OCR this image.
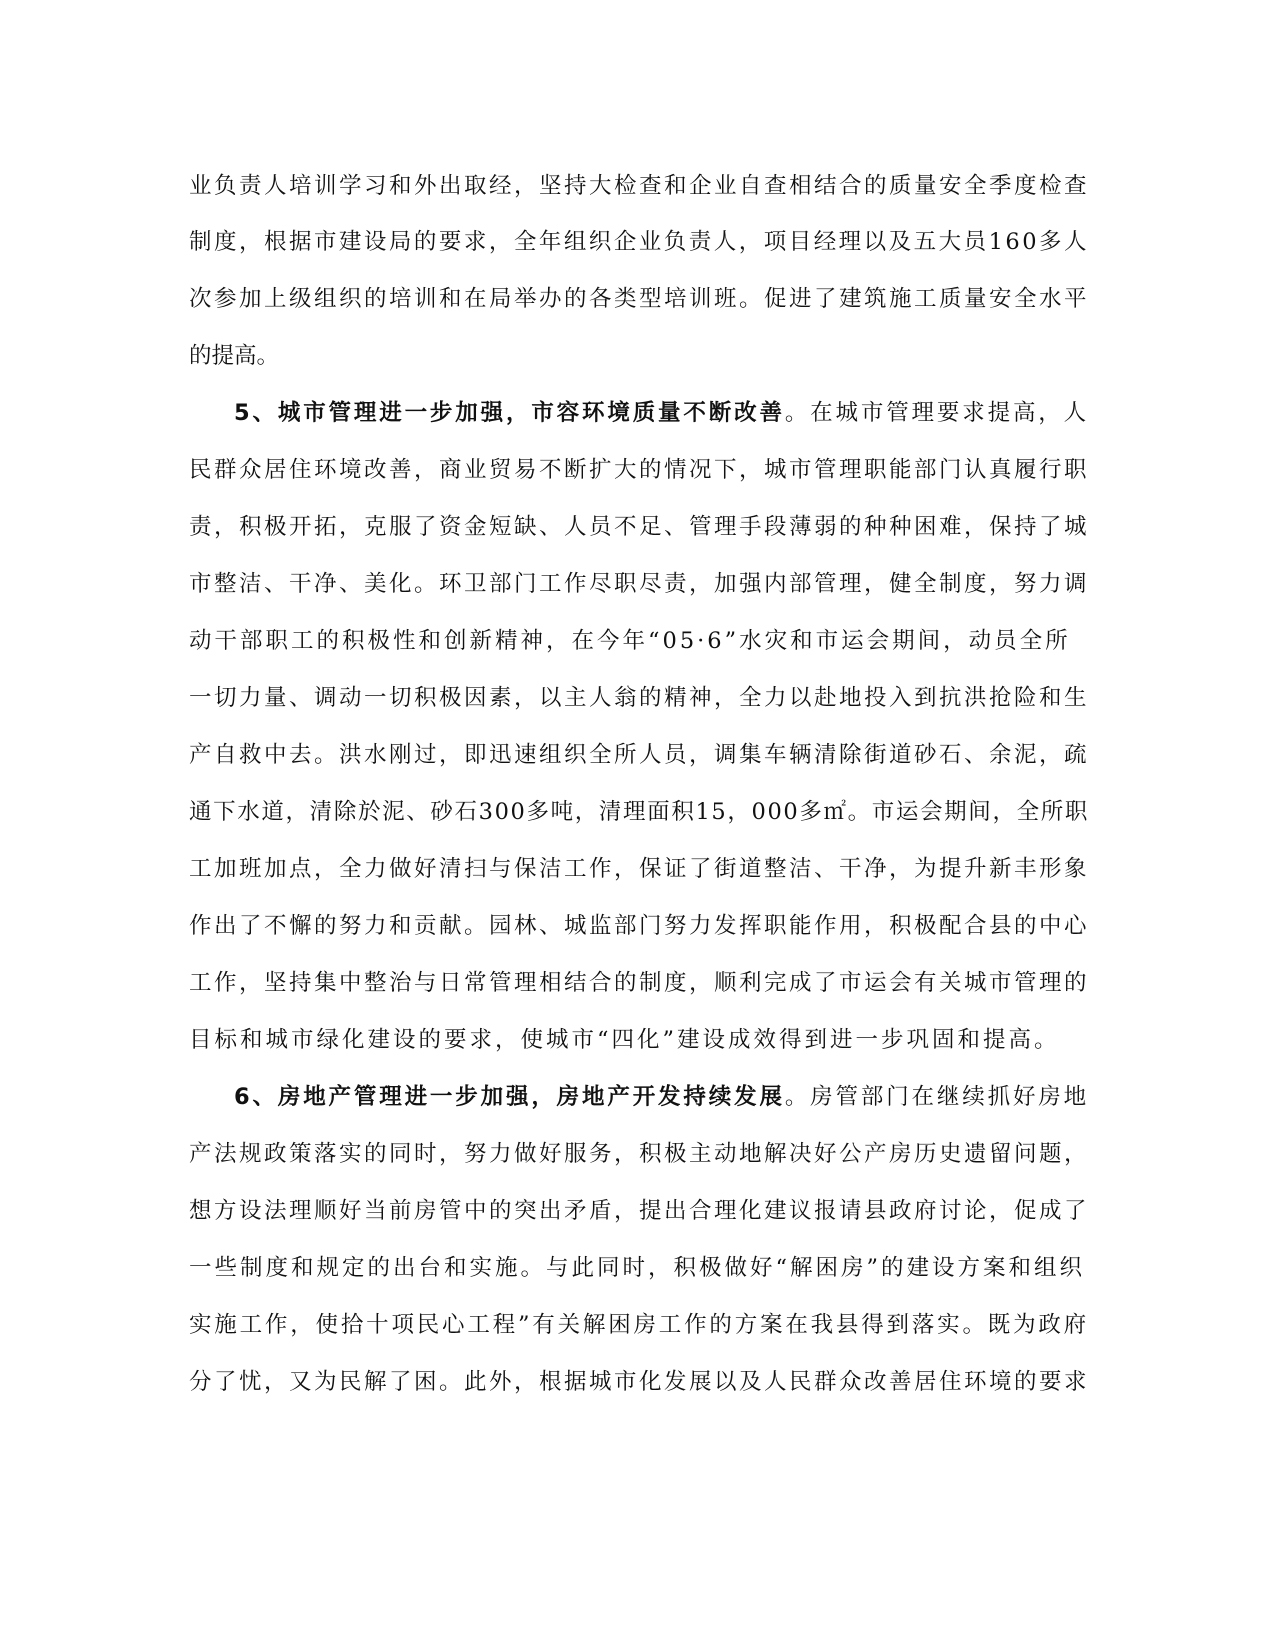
业负责人培训学习和外出取经，坚持大检查和企业自查相结合的质量安全季度检查
制度，根据市建设局的要求，全年组织企业负责人，项目经理以及五大员160多人
次参加上级组织的培训和在局举办的各类型培训班。促进了建筑施工质量安全水平
的提高。
5、城市管理进一步加强，市容环境质量不断改善。在城市管理要求提高，人
民群众居住环境改善，商业贸易不断扩大的情况下，城市管理职能部门认真履行职
责，积极开拓，克服了资金短缺、人员不足、管理手段薄弱的种种困难，保持了城
市整洁、干净、美化。环卫部门工作尽职尽责，加强内部管理，健全制度，努力调
动干部职工的积极性和创新精神，在今年“05·6”水灾和市运会期间，动员全所
一切力量、调动一切积极因素，以主人翁的精神，全力以赴地投入到抗洪抢险和生
产自救中去。洪水刚过，即迅速组织全所人员，调集车辆清除街道砂石、余泥，疏
通下水道，清除於泥、砂石300多吨，清理面积15，000多㎡。市运会期间，全所职
工加班加点，全力做好清扫与保洁工作，保证了街道整洁、干净，为提升新丰形象
作出了不懈的努力和贡献。园林、城监部门努力发挥职能作用，积极配合县的中心
工作，坚持集中整治与日常管理相结合的制度，顺利完成了市运会有关城市管理的
目标和城市绿化建设的要求，使城市“四化”建设成效得到进一步巩固和提高。
6、房地产管理进一步加强，房地产开发持续发展。房管部门在继续抓好房地
产法规政策落实的同时，努力做好服务，积极主动地解决好公产房历史遗留问题，
想方设法理顺好当前房管中的突出矛盾，提出合理化建议报请县政府讨论，促成了
一些制度和规定的出台和实施。与此同时，积极做好“解困房”的建设方案和组织
实施工作，使拾十项民心工程”有关解困房工作的方案在我县得到落实。既为政府
分了忧，又为民解了困。此外，根据城市化发展以及人民群众改善居住环境的要求
